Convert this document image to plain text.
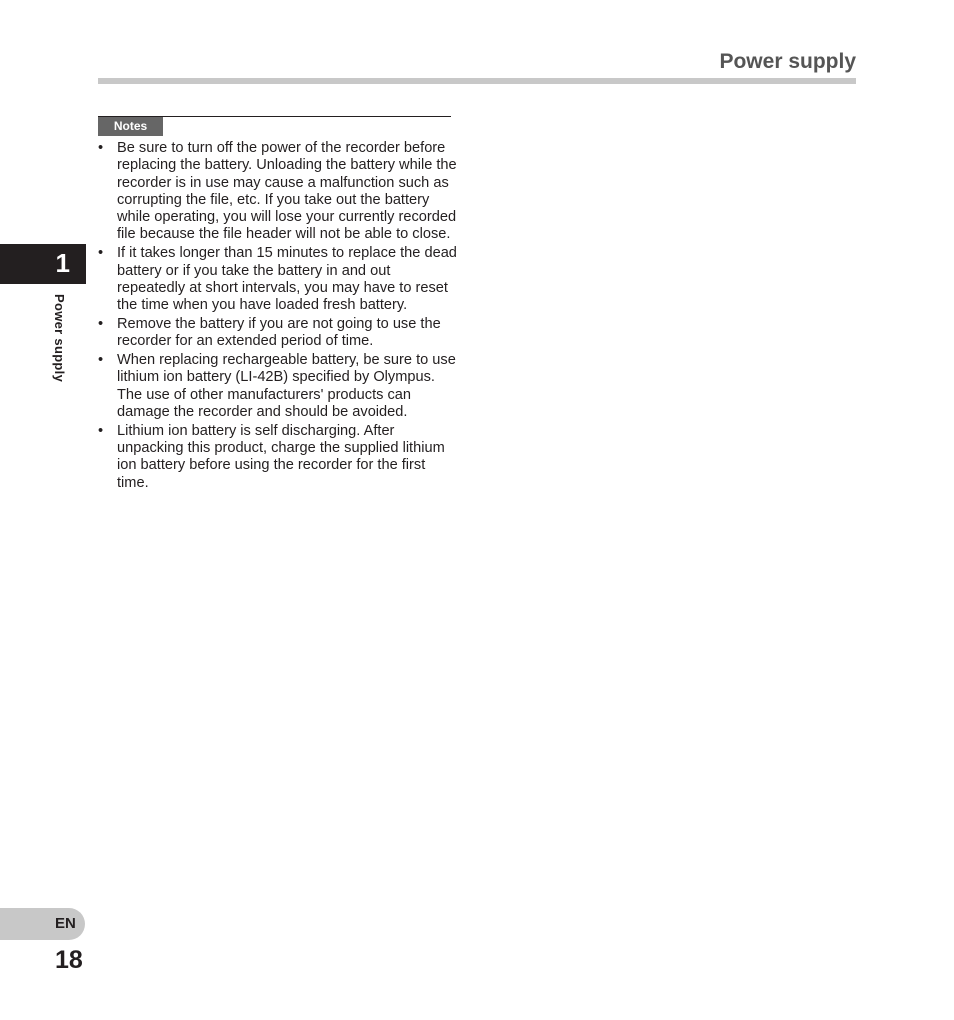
Power supply
1
Power supply
Notes
• Be sure to turn off the power of the recorder before replacing the battery. Unloading the battery while the recorder is in use may cause a malfunction such as corrupting the file, etc. If you take out the battery while operating, you will lose your currently recorded file because the file header will not be able to close.
• If it takes longer than 15 minutes to replace the dead battery or if you take the battery in and out repeatedly at short intervals, you may have to reset the time when you have loaded fresh battery.
• Remove the battery if you are not going to use the recorder for an extended period of time.
• When replacing rechargeable battery, be sure to use lithium ion battery (LI-42B) specified by Olympus. The use of other manufacturers' products can damage the recorder and should be avoided.
• Lithium ion battery is self discharging. After unpacking this product, charge the supplied lithium ion battery before using the recorder for the first time.
EN
18
